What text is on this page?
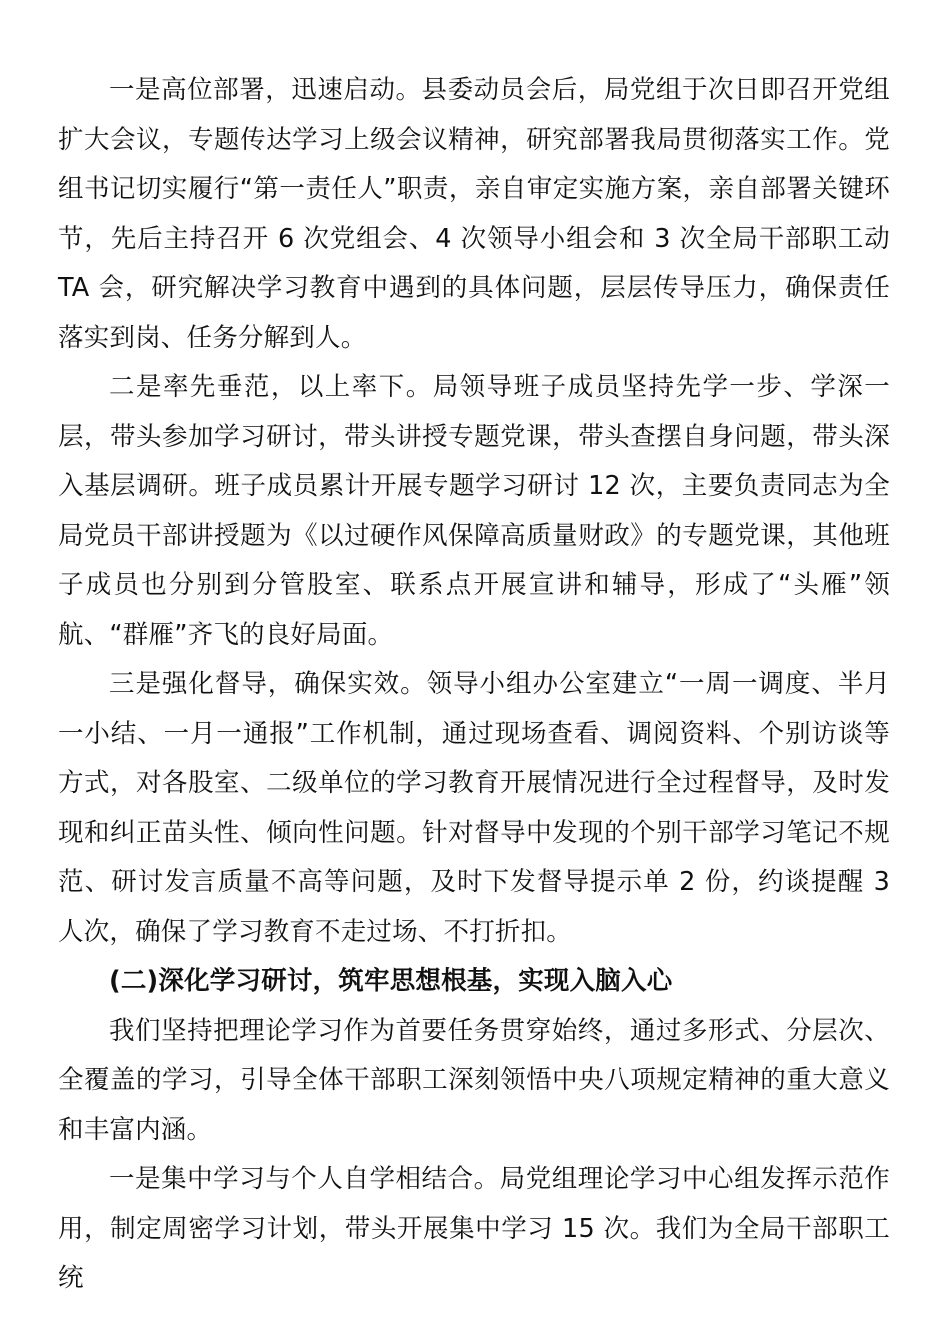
一是高位部署，迅速启动。县委动员会后，局党组于次日即召开党组扩大会议，专题传达学习上级会议精神，研究部署我局贯彻落实工作。党组书记切实履行“第一责任人”职责，亲自审定实施方案，亲自部署关键环节，先后主持召开 6 次党组会、4 次领导小组会和 3 次全局干部职工动 TA 会，研究解决学习教育中遇到的具体问题，层层传导压力，确保责任落实到岗、任务分解到人。

二是率先垂范，以上率下。局领导班子成员坚持先学一步、学深一层，带头参加学习研讨，带头讲授专题党课，带头查摆自身问题，带头深入基层调研。班子成员累计开展专题学习研讨 12 次，主要负责同志为全局党员干部讲授题为《以过硬作风保障高质量财政》的专题党课，其他班子成员也分别到分管股室、联系点开展宣讲和辅导，形成了“头雁”领航、“群雁”齐飞的良好局面。

三是强化督导，确保实效。领导小组办公室建立“一周一调度、半月一小结、一月一通报”工作机制，通过现场查看、调阅资料、个别访谈等方式，对各股室、二级单位的学习教育开展情况进行全过程督导，及时发现和纠正苗头性、倾向性问题。针对督导中发现的个别干部学习笔记不规范、研讨发言质量不高等问题，及时下发督导提示单 2 份，约谈提醒 3 人次，确保了学习教育不走过场、不打折扣。

(二)深化学习研讨，筑牢思想根基，实现入脑入心

我们坚持把理论学习作为首要任务贯穿始终，通过多形式、分层次、全覆盖的学习，引导全体干部职工深刻领悟中央八项规定精神的重大意义和丰富内涵。

一是集中学习与个人自学相结合。局党组理论学习中心组发挥示范作用，制定周密学习计划，带头开展集中学习 15 次。我们为全局干部职工统
